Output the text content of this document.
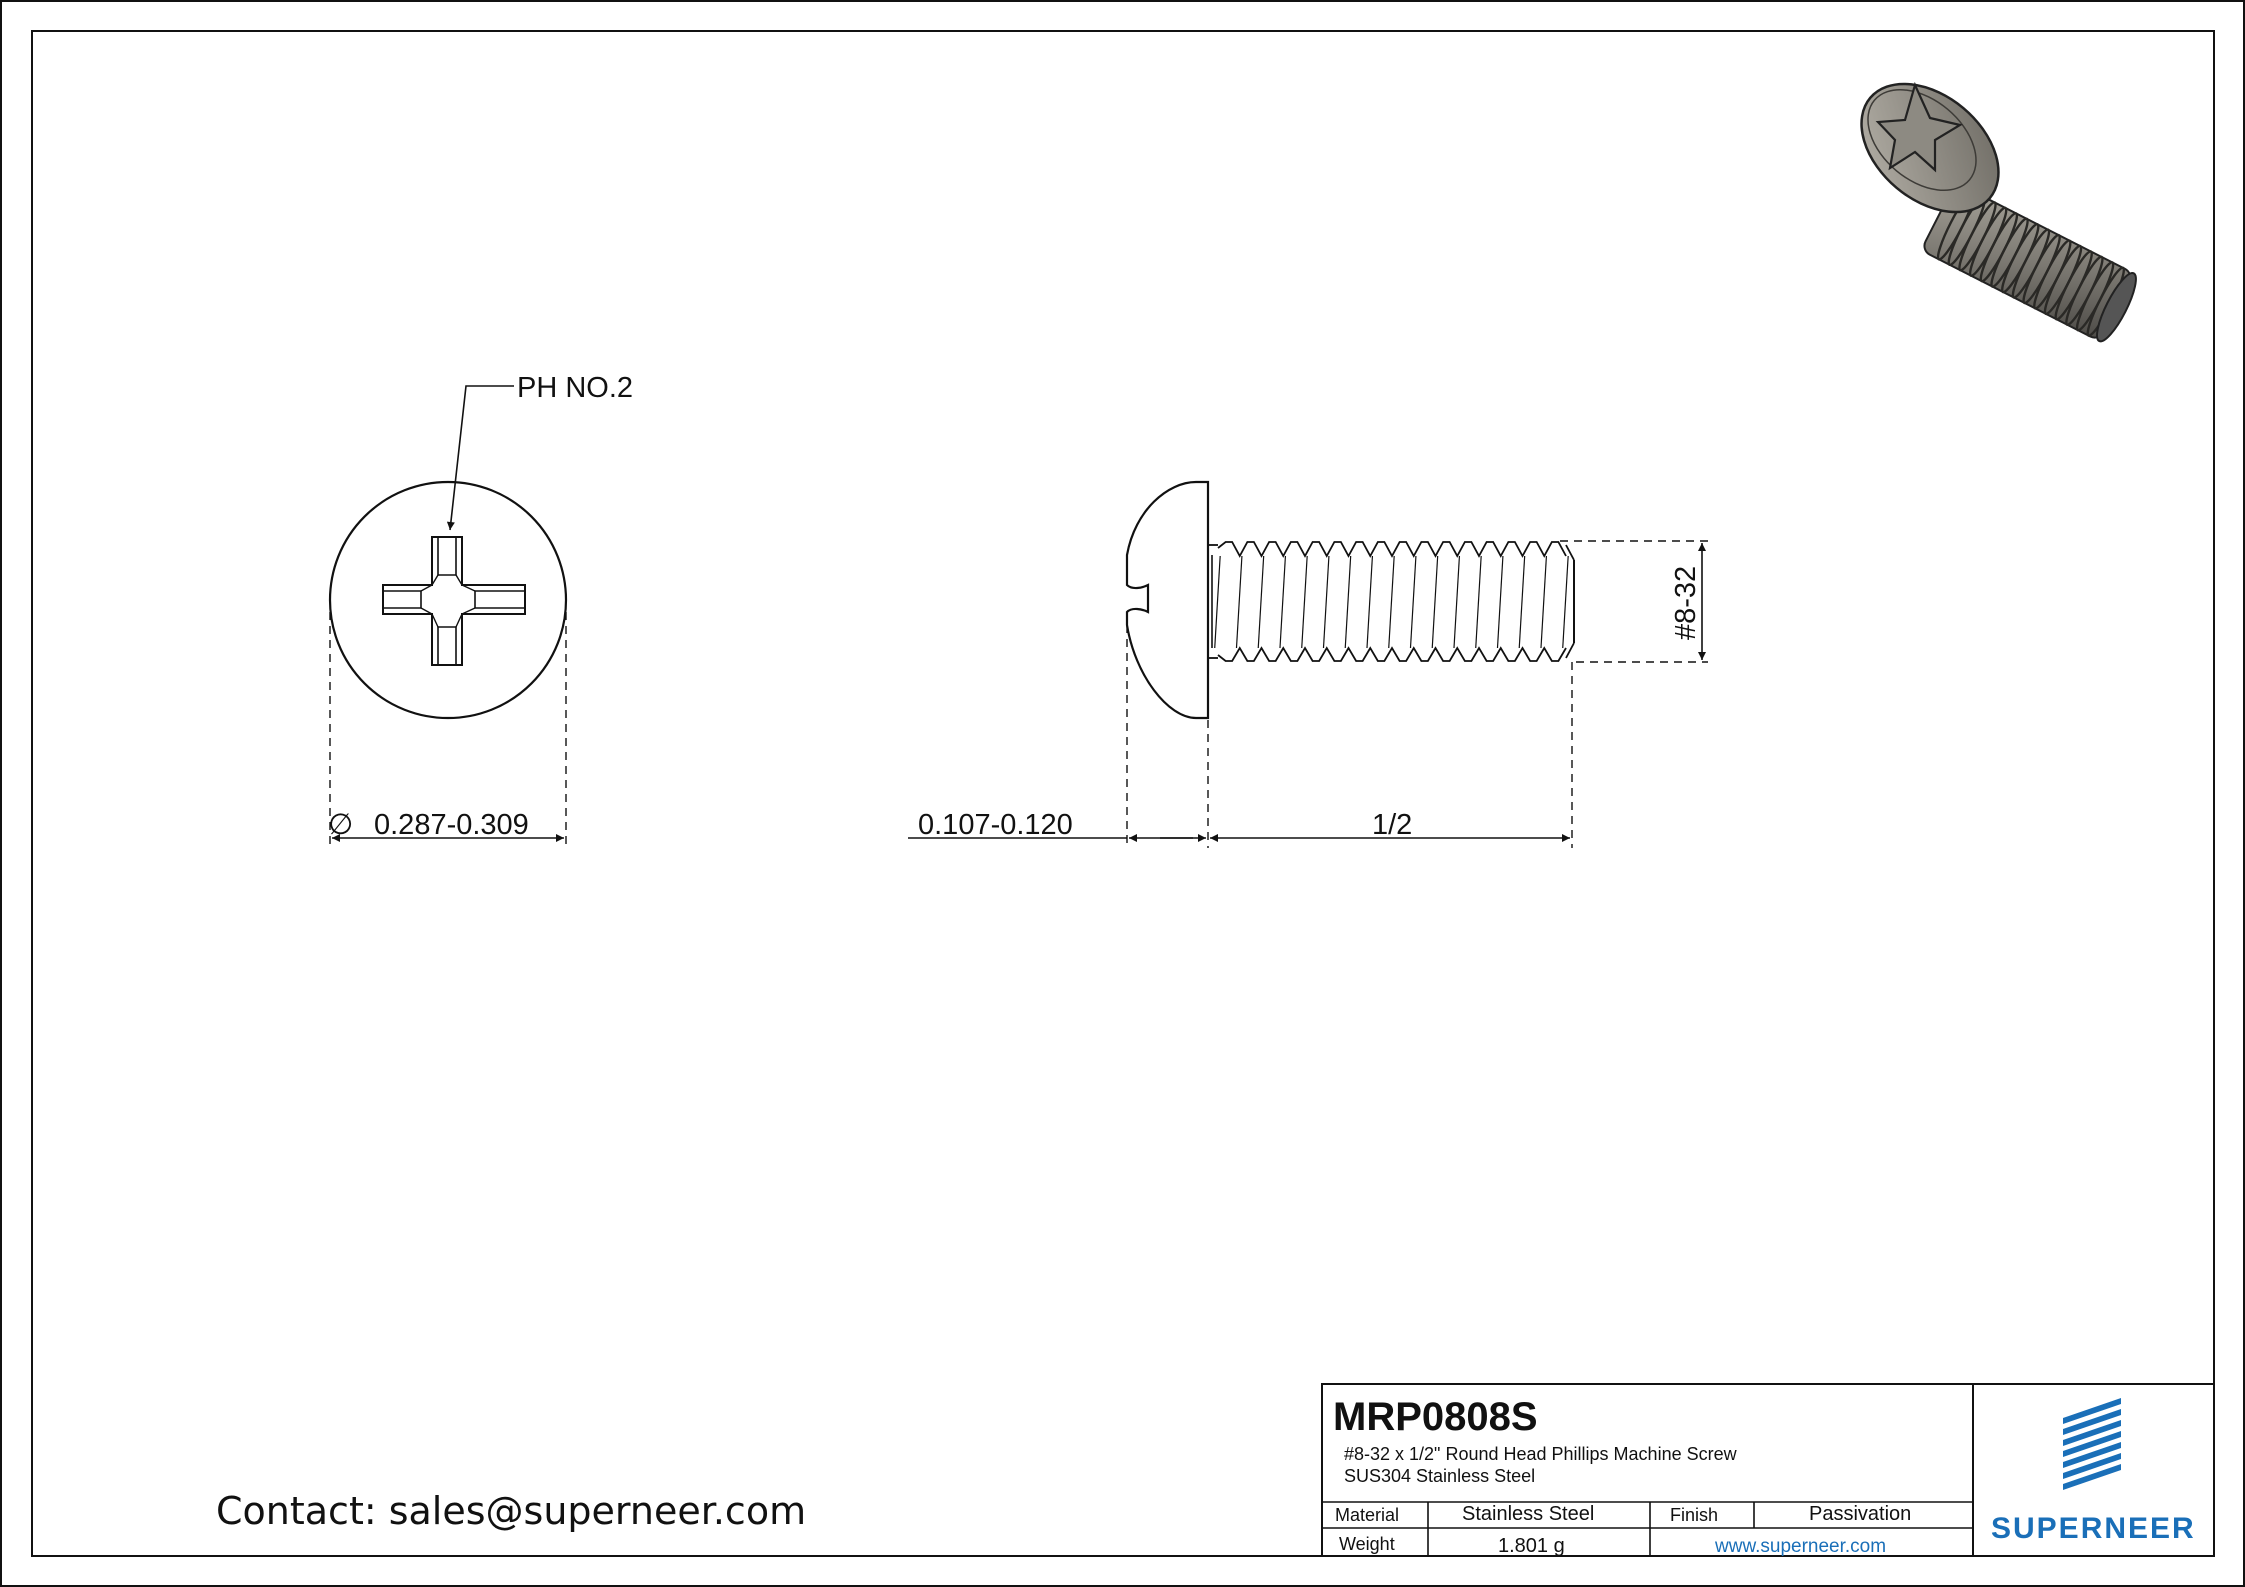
PH NO.2
∅ 0.287-0.309	0.107-0.120	1/2
#8-32
MRP0808S
#8-32 x 1/2" Round Head Phillips Machine Screw
SUS304 Stainless Steel
Material	Stainless Steel	Finish	Passivation
Weight	1.801 g	www.superneer.com
SUPERNEER
Contact: sales@superneer.com
